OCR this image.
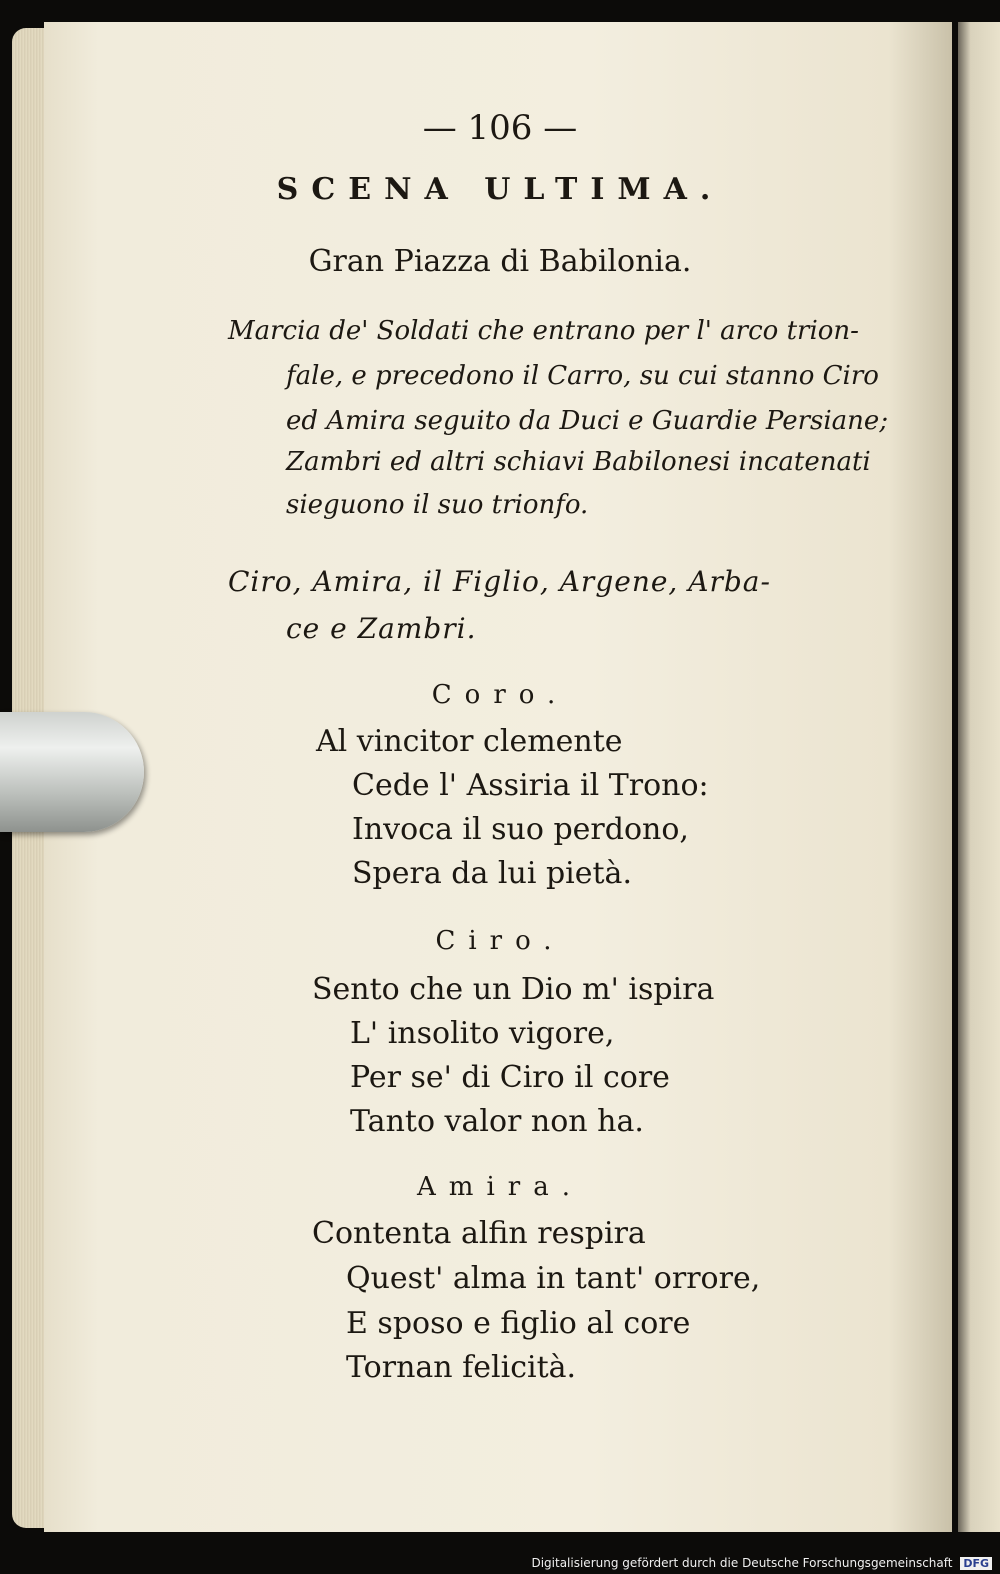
— 106 —
SCENA ULTIMA.
Gran Piazza di Babilonia.
Marcia de' Soldati che entrano per l' arco trion-
fale, e precedono il Carro, su cui stanno Ciro
ed Amira seguito da Duci e Guardie Persiane;
Zambri ed altri schiavi Babilonesi incatenati
sieguono il suo trionfo.
Ciro, Amira, il Figlio, Argene, Arba-
ce e Zambri.
Coro.
Al vincitor clemente
Cede l' Assiria il Trono:
Invoca il suo perdono,
Spera da lui pietà.
Ciro.
Sento che un Dio m' ispira
L' insolito vigore,
Per se' di Ciro il core
Tanto valor non ha.
Amira.
Contenta alfin respira
Quest' alma in tant' orrore,
E sposo e figlio al core
Tornan felicità.
Digitalisierung gefördert durch die Deutsche Forschungsgemeinschaft DFG
